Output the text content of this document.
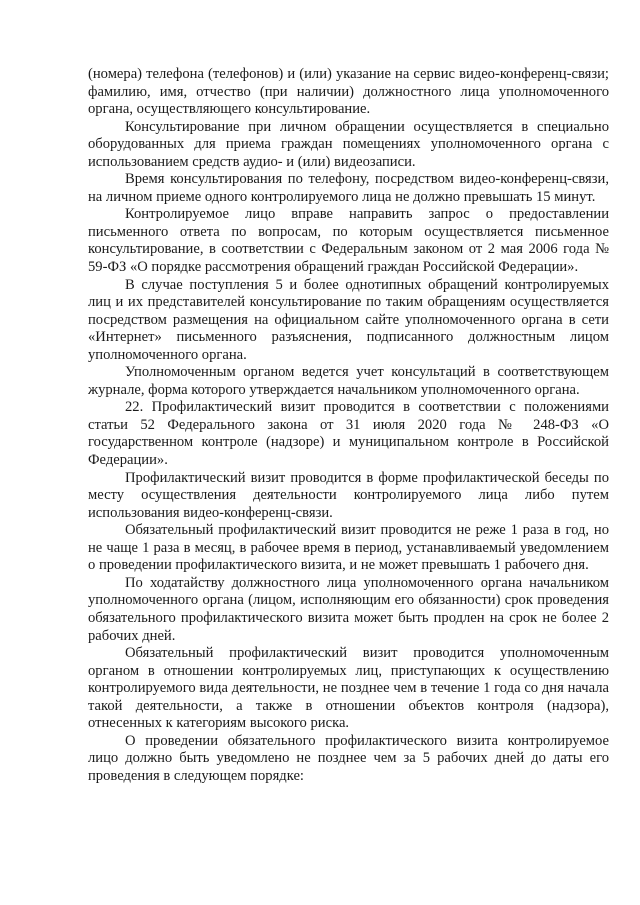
(номера) телефона (телефонов) и (или) указание на сервис видео-конференц-связи; фамилию, имя, отчество (при наличии) должностного лица уполномоченного органа, осуществляющего консультирование.

Консультирование при личном обращении осуществляется в специально оборудованных для приема граждан помещениях уполномоченного органа с использованием средств аудио- и (или) видеозаписи.

Время консультирования по телефону, посредством видео-конференц-связи, на личном приеме одного контролируемого лица не должно превышать 15 минут.

Контролируемое лицо вправе направить запрос о предоставлении письменного ответа по вопросам, по которым осуществляется письменное консультирование, в соответствии с Федеральным законом от 2 мая 2006 года № 59-ФЗ «О порядке рассмотрения обращений граждан Российской Федерации».

В случае поступления 5 и более однотипных обращений контролируемых лиц и их представителей консультирование по таким обращениям осуществляется посредством размещения на официальном сайте уполномоченного органа в сети «Интернет» письменного разъяснения, подписанного должностным лицом уполномоченного органа.

Уполномоченным органом ведется учет консультаций в соответствующем журнале, форма которого утверждается начальником уполномоченного органа.

22. Профилактический визит проводится в соответствии с положениями статьи 52 Федерального закона от 31 июля 2020 года № 248-ФЗ «О государственном контроле (надзоре) и муниципальном контроле в Российской Федерации».

Профилактический визит проводится в форме профилактической беседы по месту осуществления деятельности контролируемого лица либо путем использования видео-конференц-связи.

Обязательный профилактический визит проводится не реже 1 раза в год, но не чаще 1 раза в месяц, в рабочее время в период, устанавливаемый уведомлением о проведении профилактического визита, и не может превышать 1 рабочего дня.

По ходатайству должностного лица уполномоченного органа начальником уполномоченного органа (лицом, исполняющим его обязанности) срок проведения обязательного профилактического визита может быть продлен на срок не более 2 рабочих дней.

Обязательный профилактический визит проводится уполномоченным органом в отношении контролируемых лиц, приступающих к осуществлению контролируемого вида деятельности, не позднее чем в течение 1 года со дня начала такой деятельности, а также в отношении объектов контроля (надзора), отнесенных к категориям высокого риска.

О проведении обязательного профилактического визита контролируемое лицо должно быть уведомлено не позднее чем за 5 рабочих дней до даты его проведения в следующем порядке:
